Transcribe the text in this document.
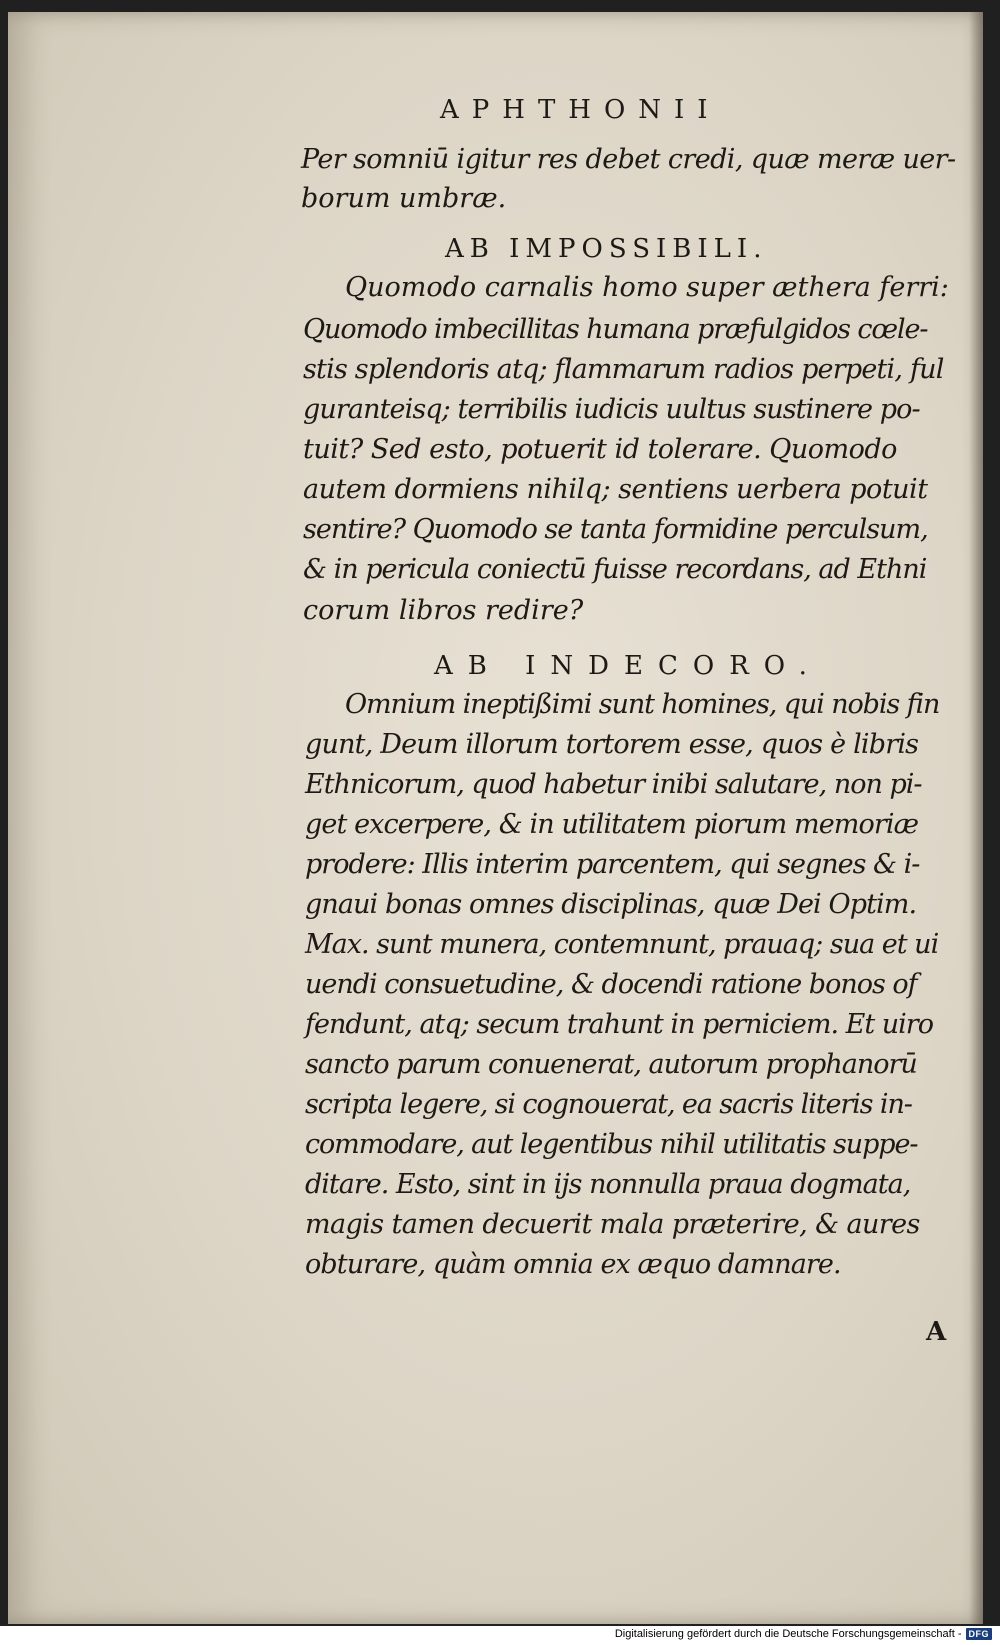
APHTHONII
Per somniū igitur res debet credi, quæ meræ uer-
borum umbræ.
AB IMPOSSIBILI.
Quomodo carnalis homo super æthera ferri:
Quomodo imbecillitas humana præfulgidos cœle-
stis splendoris atq; flammarum radios perpeti, ful
guranteisq; terribilis iudicis uultus sustinere po-
tuit? Sed esto, potuerit id tolerare. Quomodo
autem dormiens nihilq; sentiens uerbera potuit
sentire? Quomodo se tanta formidine perculsum,
& in pericula coniectū fuisse recordans, ad Ethni
corum libros redire?
AB INDECORO.
Omnium ineptißimi sunt homines, qui nobis fin
gunt, Deum illorum tortorem esse, quos è libris
Ethnicorum, quod habetur inibi salutare, non pi-
get excerpere, & in utilitatem piorum memoriæ
prodere: Illis interim parcentem, qui segnes & i-
gnaui bonas omnes disciplinas, quæ Dei Optim.
Max. sunt munera, contemnunt, prauaq; sua et ui
uendi consuetudine, & docendi ratione bonos of
fendunt, atq; secum trahunt in perniciem. Et uiro
sancto parum conuenerat, autorum prophanorū
scripta legere, si cognouerat, ea sacris literis in-
commodare, aut legentibus nihil utilitatis suppe-
ditare. Esto, sint in ijs nonnulla praua dogmata,
magis tamen decuerit mala præterire, & aures
obturare, quàm omnia ex æquo damnare.
A
Digitalisierung gefördert durch die Deutsche Forschungsgemeinschaft - DFG
